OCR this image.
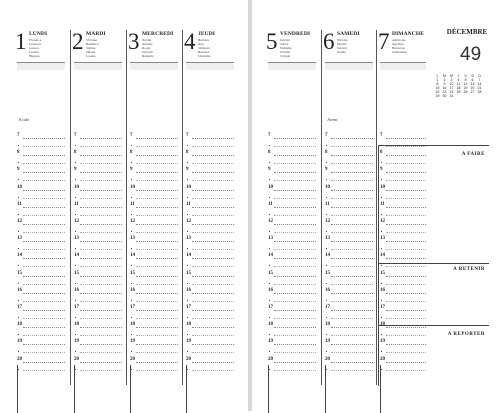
1 LUNDI
Florence
Léonard
Gaston
Lucien
Hugues
Ecole
7
8
9
10
11
12
13
14
15
16
17
18
19
20
2 MARDI
Viviane
Bérénice
Sabine
Odette
Louise
7
8
9
10
11
12
13
14
15
16
17
18
19
20
3 MERCREDI
Xavier
Aurélie
Roger
Séverin
Romaric
7
8
9
10
11
12
13
14
15
16
17
18
19
20
4 JEUDI
Barbara
Ada
Osmond
Bernard
Christine
7
8
9
10
11
12
13
14
15
16
17
18
19
20
5 VENDREDI
Gérald
Sabas
Nathalie
Jérôme
Crispin
7
8
9
10
11
12
13
14
15
16
17
18
19
20
6 SAMEDI
Nicolas
Denise
Gérard
Asella
Avent
7
8
9
10
11
12
13
14
15
16
17
18
19
20
7 DIMANCHE
Ambroise
Agathon
Benvenu
Guillaume
7
8
9
10
11
12
13
14
15
16
17
18
19
20
DÉCEMBRE
49
L M M J V S D
1 2 3 4 5 6 7
8 9 10 11 12 13 14
15 16 17 18 19 20 21
22 23 24 25 26 27 28
29 30 31
A FAIRE
A RETENIR
A REPORTER
